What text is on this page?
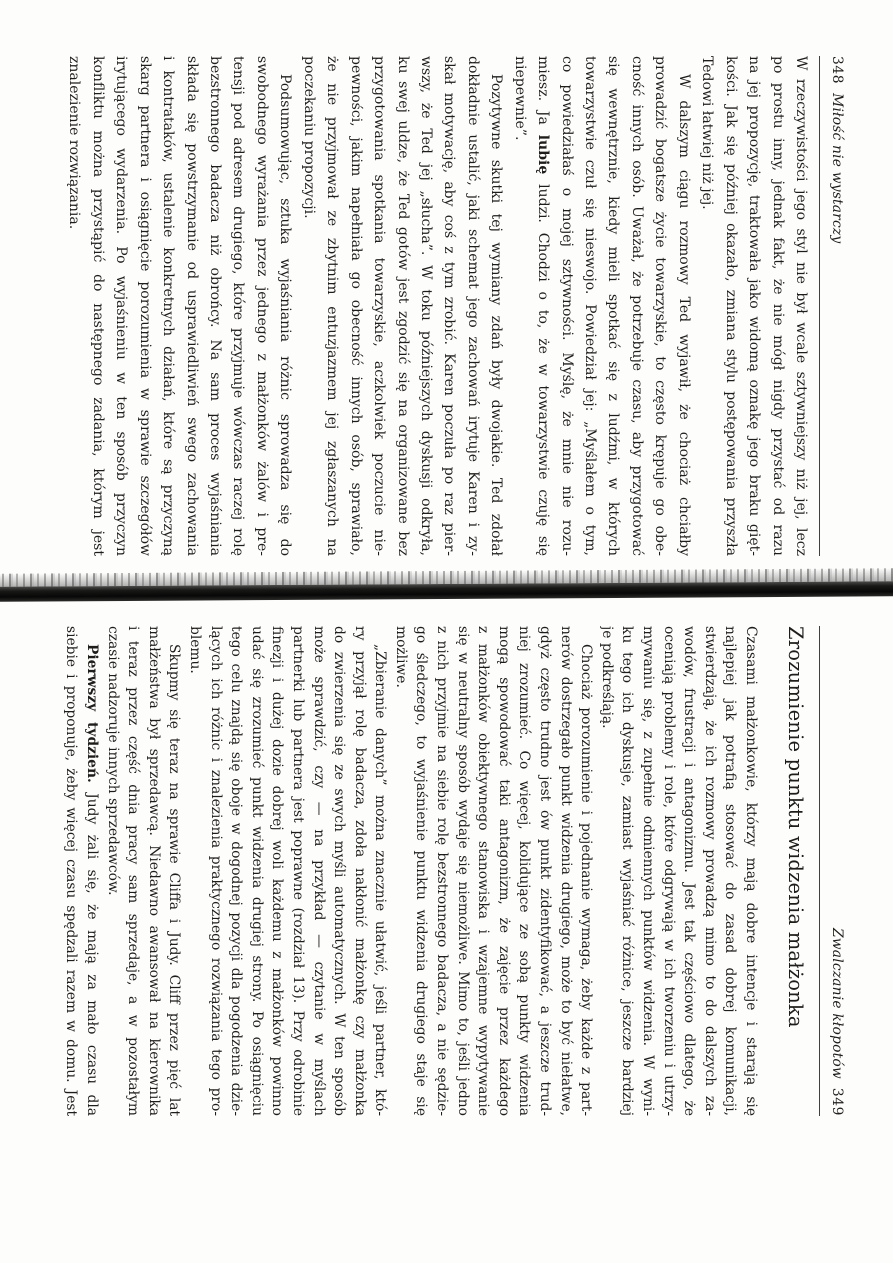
348
Miłość nie wystarczy
W rzeczywistości jego styl nie był wcale sztywniejszy niż jej, lecz
po prostu inny, jednak fakt, że nie mógł nigdy przystać od razu
na jej propozycję, traktowała jako widomą oznakę jego braku gięt-
kości. Jak się później okazało, zmiana stylu postępowania przyszła
Tedowi łatwiej niż jej.
W dalszym ciągu rozmowy Ted wyjawił, że chociaż chciałby
prowadzić bogatsze życie towarzyskie, to często krępuje go obe-
cność innych osób. Uważał, że potrzebuje czasu, aby przygotować
się wewnętrznie, kiedy mieli spotkać się z ludźmi, w których
towarzystwie czuł się nieswojo. Powiedział jej: „Myślałem o tym,
co powiedziałaś o mojej sztywności. Myślę, że mnie nie rozu-
miesz. Ja lubię ludzi. Chodzi o to, że w towarzystwie czuję się
niepewnie”.
Pozytywne skutki tej wymiany zdań były dwojakie. Ted zdołał
dokładnie ustalić, jaki schemat jego zachowań irytuje Karen i zy-
skał motywację, aby coś z tym zrobić. Karen poczuła po raz pier-
wszy, że Ted jej „słucha”. W toku późniejszych dyskusji odkryła,
ku swej uldze, że Ted gotów jest zgodzić się na organizowane bez
przygotowania spotkania towarzyskie, aczkolwiek poczucie nie-
pewności, jakim napełniała go obecność innych osób, sprawiało,
że nie przyjmował ze zbytnim entuzjazmem jej zgłaszanych na
poczekaniu propozycji.
Podsumowując, sztuka wyjaśniania różnic sprowadza się do
swobodnego wyrażania przez jednego z małżonków żalów i pre-
tensji pod adresem drugiego, które przyjmuje wówczas raczej rolę
bezstronnego badacza niż obrońcy. Na sam proces wyjaśniania
składa się powstrzymanie od usprawiedliwień swego zachowania
i kontrataków, ustalenie konkretnych działań, które są przyczyną
skarg partnera i osiągnięcie porozumienia w sprawie szczegółów
irytującego wydarzenia. Po wyjaśnieniu w ten sposób przyczyn
konfliktu można przystąpić do następnego zadania, którym jest
znalezienie rozwiązania.
Zwalczanie kłopotów
349
Zrozumienie punktu widzenia małżonka
Czasami małżonkowie, którzy mają dobre intencje i starają się
najlepiej jak potrafią stosować do zasad dobrej komunikacji,
stwierdzają, że ich rozmowy prowadzą mimo to do dalszych za-
wodów, frustracji i antagonizmu. Jest tak częściowo dlatego, że
oceniają problemy i role, które odgrywają w ich tworzeniu i utrzy-
mywaniu się, z zupełnie odmiennych punktów widzenia. W wyni-
ku tego ich dyskusje, zamiast wyjaśniać różnice, jeszcze bardziej
je podkreślają.
Chociaż porozumienie i pojednanie wymaga, żeby każde z part-
nerów dostrzegało punkt widzenia drugiego, może to być niełatwe,
gdyż często trudno jest ów punkt zidentyfikować, a jeszcze trud-
niej zrozumieć. Co więcej, kolidujące ze sobą punkty widzenia
mogą spowodować taki antagonizm, że zajęcie przez każdego
z małżonków obiektywnego stanowiska i wzajemne wypytywanie
się w neutralny sposób wydaje się niemożliwe. Mimo to, jeśli jedno
z nich przyjmie na siebie rolę bezstronnego badacza, a nie sędzie-
go śledczego, to wyjaśnienie punktu widzenia drugiego staje się
możliwe.
„Zbieranie danych” można znacznie ułatwić, jeśli partner, któ-
ry przyjął rolę badacza, zdoła nakłonić małżonkę czy małżonka
do zwierzenia się ze swych myśli automatycznych. W ten sposób
może sprawdzić, czy — na przykład — czytanie w myślach
partnerki lub partnera jest poprawne (rozdział 13). Przy odrobinie
finezji i dużej dozie dobrej woli każdemu z małżonków powinno
udać się zrozumieć punkt widzenia drugiej strony. Po osiągnięciu
tego celu znajdą się oboje w dogodnej pozycji dla pogodzenia dzie-
lących ich różnic i znalezienia praktycznego rozwiązania tego pro-
blemu.
Skupmy się teraz na sprawie Cliffa i Judy. Cliff przez pięć lat
małżeństwa był sprzedawcą. Niedawno awansował na kierownika
i teraz przez część dnia pracy sam sprzedaje, a w pozostałym
czasie nadzoruje innych sprzedawców.
Pierwszy tydzień. Judy żali się, że mają za mało czasu dla
siebie i proponuje, żeby więcej czasu spędzali razem w domu. Jest
